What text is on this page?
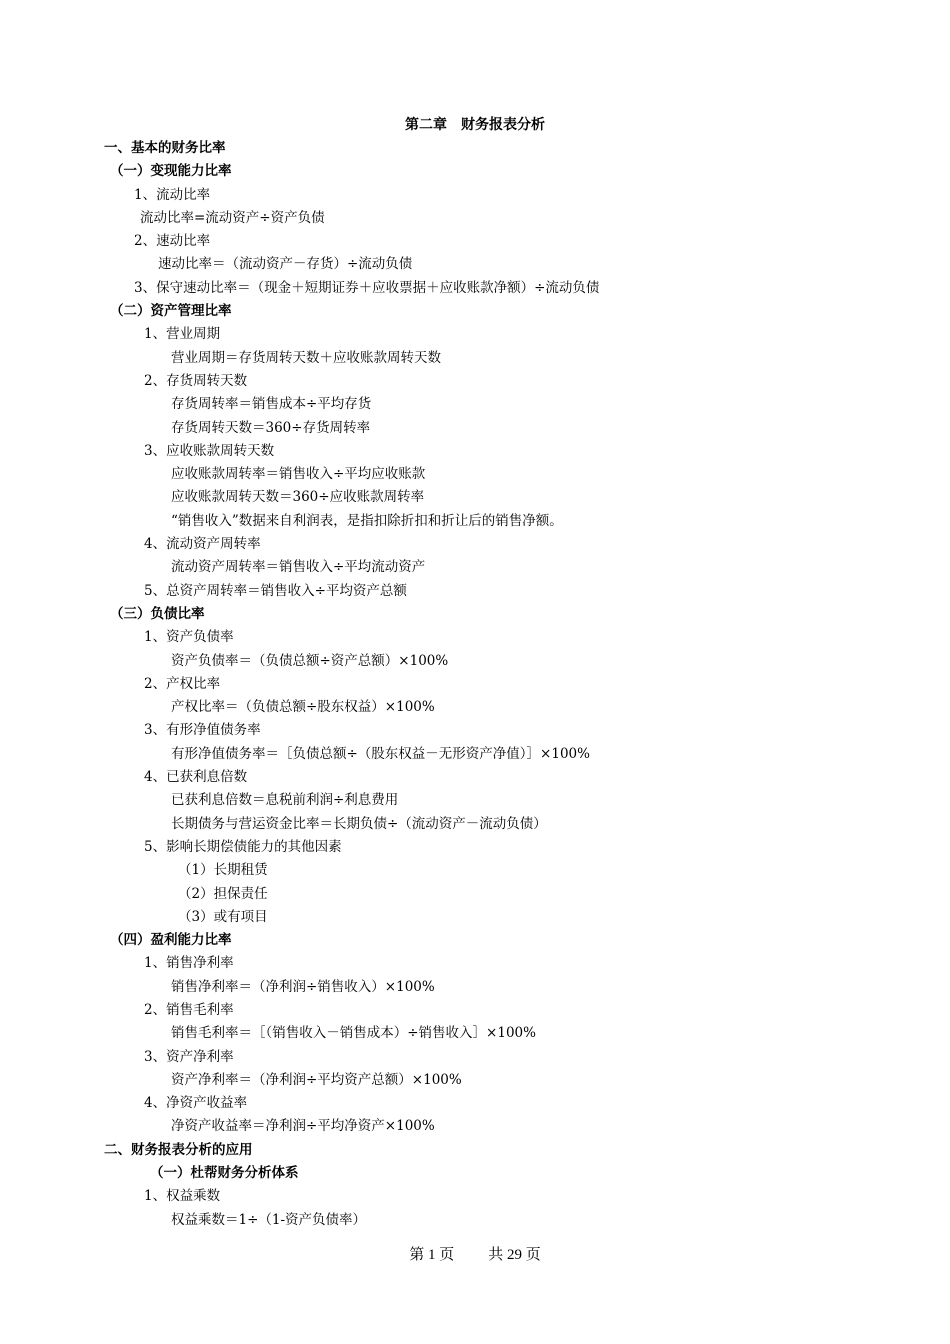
第二章　财务报表分析
一、基本的财务比率
（一）变现能力比率
1、流动比率
流动比率=流动资产÷资产负债
2、速动比率
速动比率＝（流动资产－存货）÷流动负债
3、保守速动比率＝（现金＋短期证券＋应收票据＋应收账款净额）÷流动负债
（二）资产管理比率
1、营业周期
营业周期＝存货周转天数＋应收账款周转天数
2、存货周转天数
存货周转率＝销售成本÷平均存货
存货周转天数＝360÷存货周转率
3、应收账款周转天数
应收账款周转率＝销售收入÷平均应收账款
应收账款周转天数＝360÷应收账款周转率
“销售收入”数据来自利润表，是指扣除折扣和折让后的销售净额。
4、流动资产周转率
流动资产周转率＝销售收入÷平均流动资产
5、总资产周转率＝销售收入÷平均资产总额
（三）负债比率
1、资产负债率
资产负债率＝（负债总额÷资产总额）×100%
2、产权比率
产权比率＝（负债总额÷股东权益）×100%
3、有形净值债务率
有形净值债务率＝［负债总额÷（股东权益－无形资产净值）］×100%
4、已获利息倍数
已获利息倍数＝息税前利润÷利息费用
长期债务与营运资金比率＝长期负债÷（流动资产－流动负债）
5、影响长期偿债能力的其他因素
（1）长期租赁
（2）担保责任
（3）或有项目
（四）盈利能力比率
1、销售净利率
销售净利率＝（净利润÷销售收入）×100%
2、销售毛利率
销售毛利率＝［（销售收入－销售成本）÷销售收入］×100%
3、资产净利率
资产净利率＝（净利润÷平均资产总额）×100%
4、净资产收益率
净资产收益率＝净利润÷平均净资产×100%
二、财务报表分析的应用
（一）杜帮财务分析体系
1、权益乘数
权益乘数＝1÷（1-资产负债率）
第 1 页 共 29 页
